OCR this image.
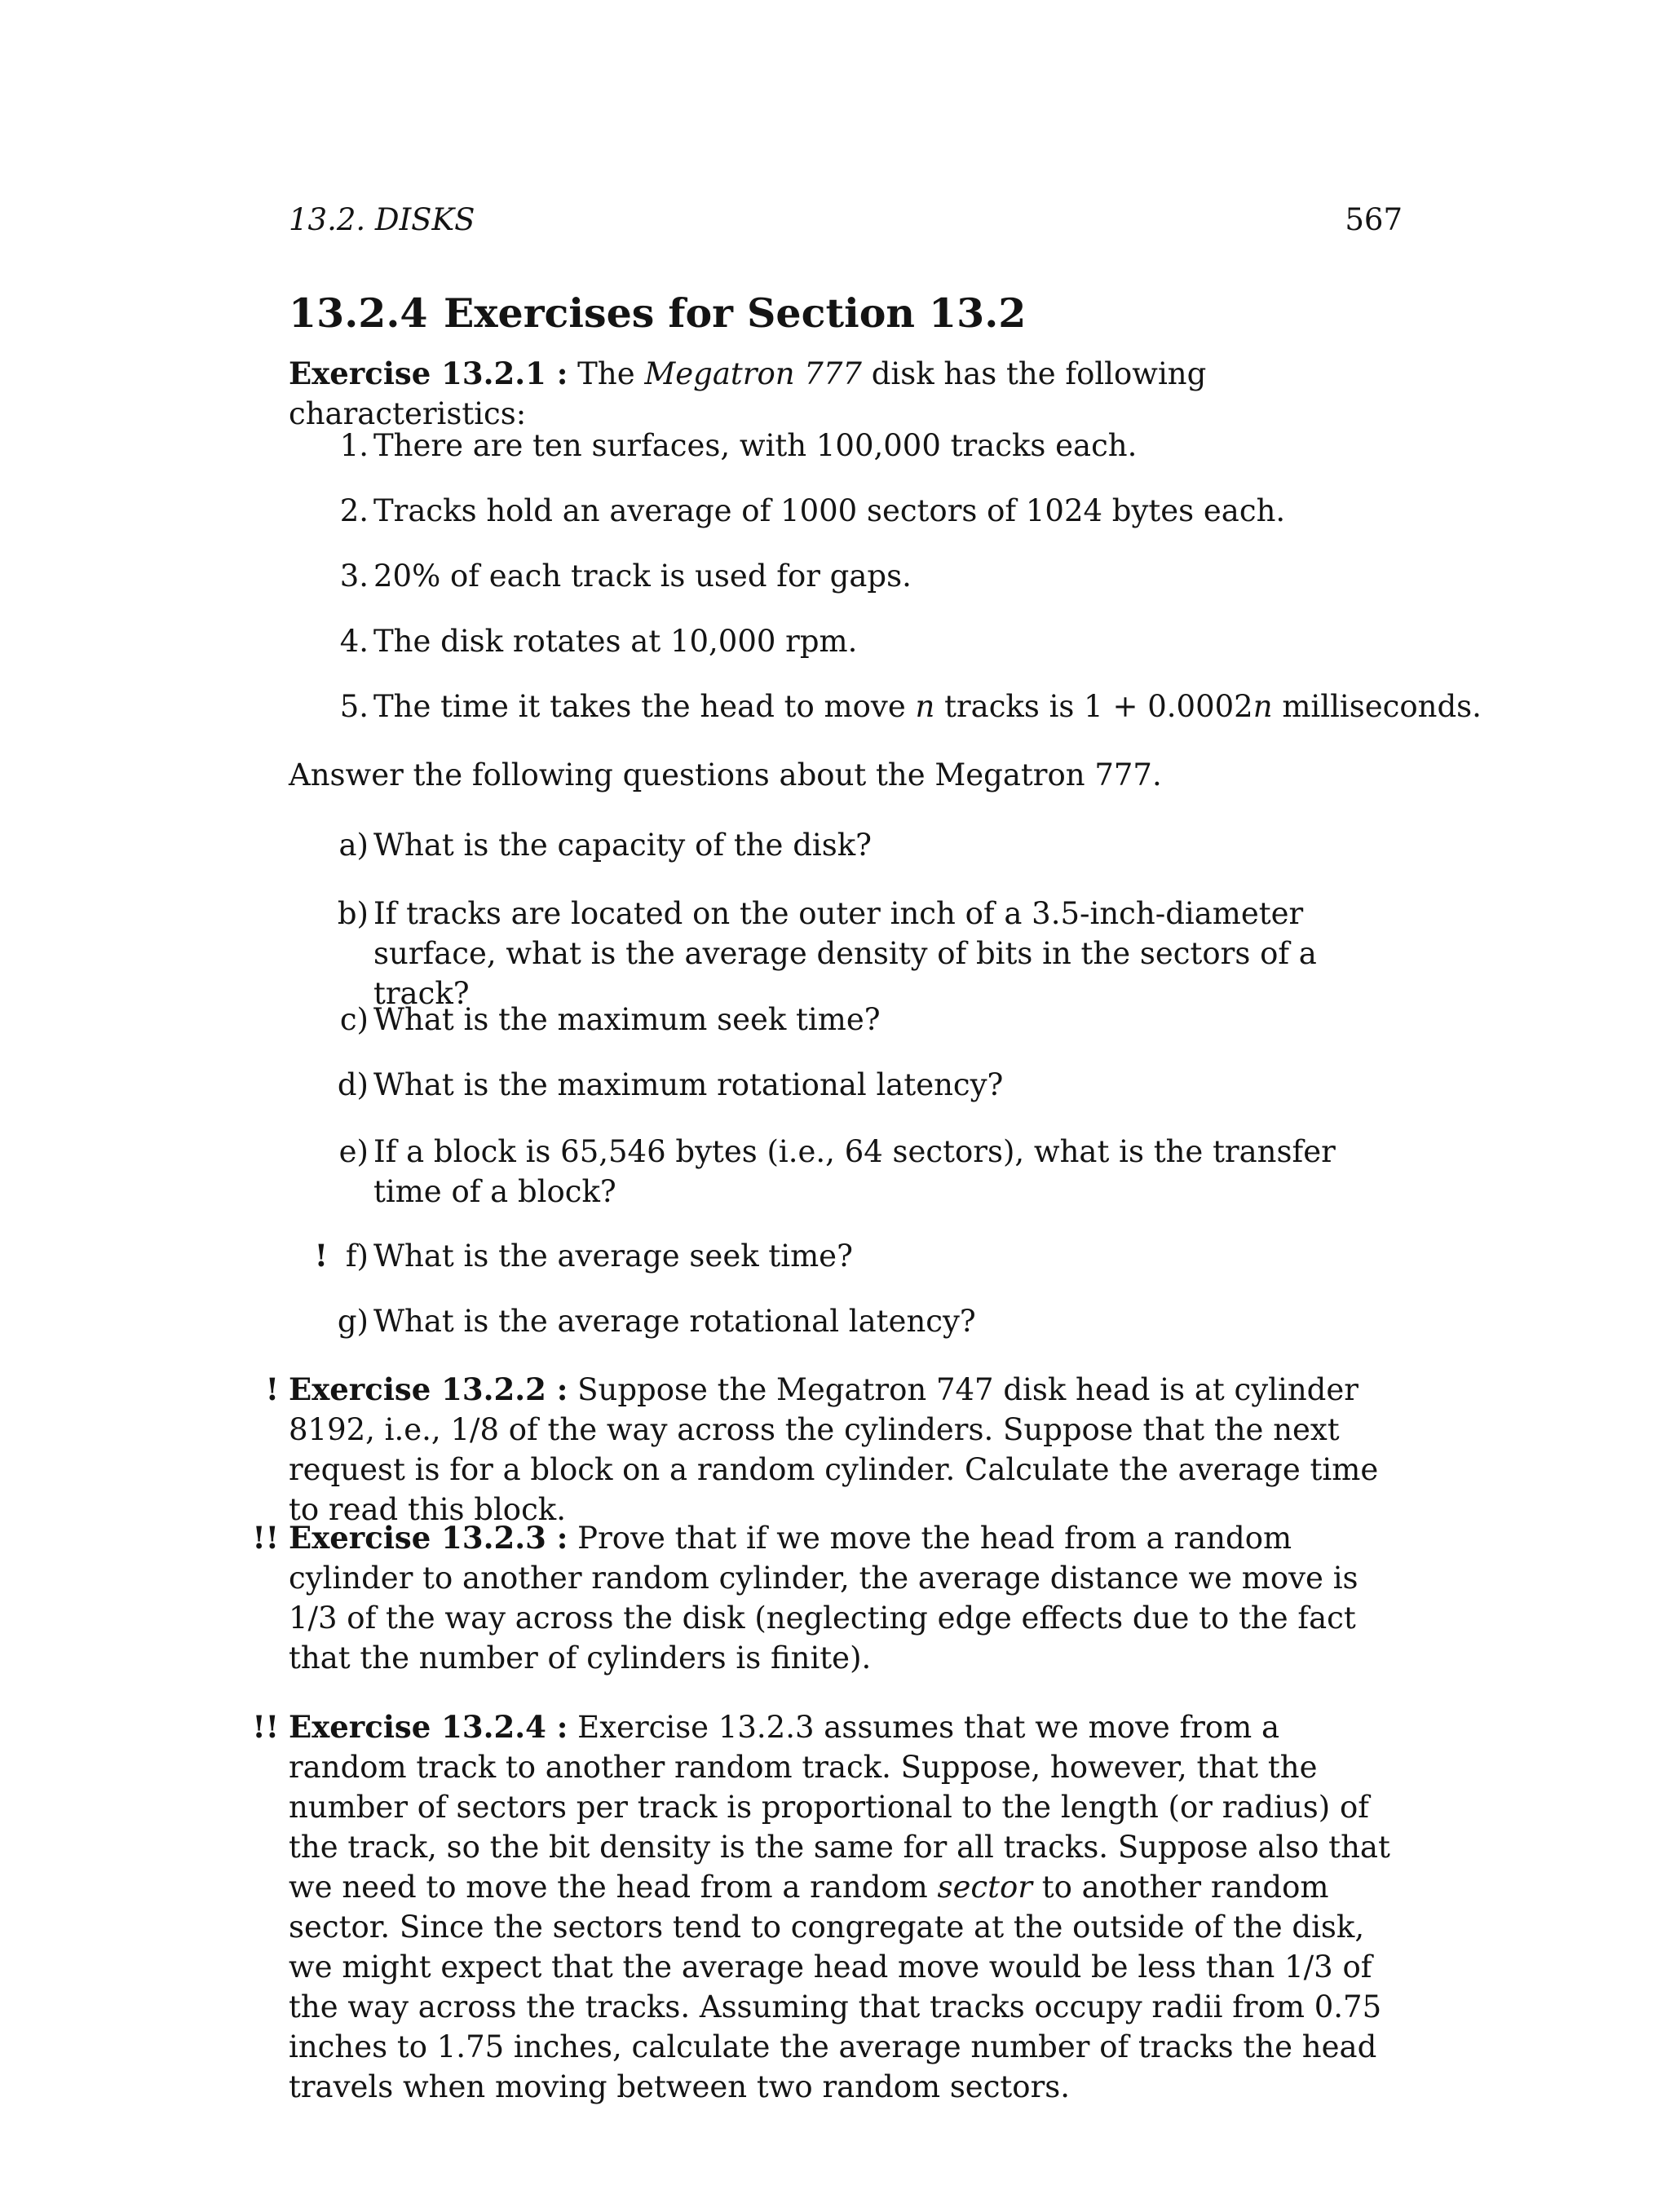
13.2. DISKS	567
13.2.4 Exercises for Section 13.2
Exercise 13.2.1 : The Megatron 777 disk has the following characteristics:
1. There are ten surfaces, with 100,000 tracks each.
2. Tracks hold an average of 1000 sectors of 1024 bytes each.
3. 20% of each track is used for gaps.
4. The disk rotates at 10,000 rpm.
5. The time it takes the head to move n tracks is 1 + 0.0002n milliseconds.
Answer the following questions about the Megatron 777.
a) What is the capacity of the disk?
b) If tracks are located on the outer inch of a 3.5-inch-diameter surface, what is the average density of bits in the sectors of a track?
c) What is the maximum seek time?
d) What is the maximum rotational latency?
e) If a block is 65,546 bytes (i.e., 64 sectors), what is the transfer time of a block?
! f) What is the average seek time?
g) What is the average rotational latency?
! Exercise 13.2.2 : Suppose the Megatron 747 disk head is at cylinder 8192, i.e., 1/8 of the way across the cylinders. Suppose that the next request is for a block on a random cylinder. Calculate the average time to read this block.
!! Exercise 13.2.3 : Prove that if we move the head from a random cylinder to another random cylinder, the average distance we move is 1/3 of the way across the disk (neglecting edge effects due to the fact that the number of cylinders is finite).
!! Exercise 13.2.4 : Exercise 13.2.3 assumes that we move from a random track to another random track. Suppose, however, that the number of sectors per track is proportional to the length (or radius) of the track, so the bit density is the same for all tracks. Suppose also that we need to move the head from a random sector to another random sector. Since the sectors tend to congregate at the outside of the disk, we might expect that the average head move would be less than 1/3 of the way across the tracks. Assuming that tracks occupy radii from 0.75 inches to 1.75 inches, calculate the average number of tracks the head travels when moving between two random sectors.
